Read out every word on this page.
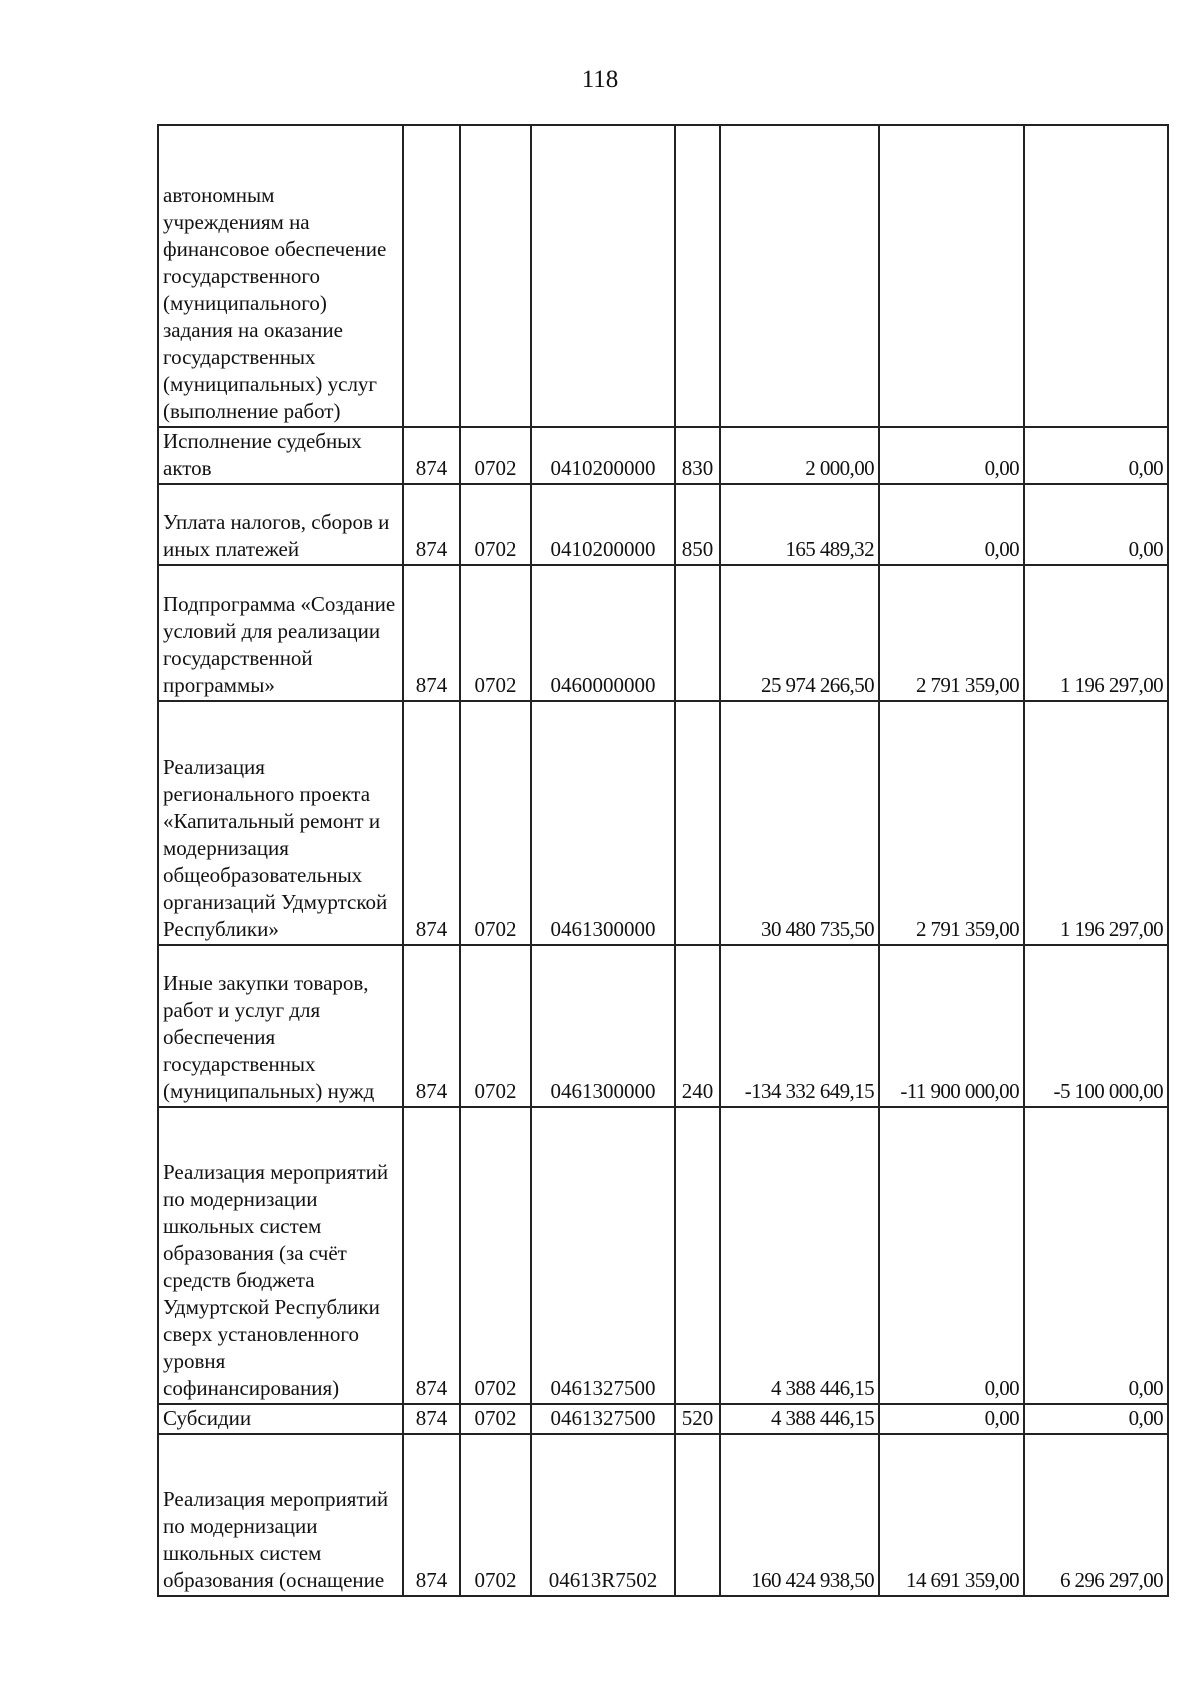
118
автономным учреждениям на финансовое обеспечение государственного (муниципального) задания на оказание государственных (муниципальных) услуг (выполнение работ)							
Исполнение судебных актов	874	0702	0410200000	830	2 000,00	0,00	0,00
Уплата налогов, сборов и иных платежей	874	0702	0410200000	850	165 489,32	0,00	0,00
Подпрограмма «Создание условий для реализации государственной программы»	874	0702	0460000000		25 974 266,50	2 791 359,00	1 196 297,00
Реализация регионального проекта «Капитальный ремонт и модернизация общеобразовательных организаций Удмуртской Республики»	874	0702	0461300000		30 480 735,50	2 791 359,00	1 196 297,00
Иные закупки товаров, работ и услуг для обеспечения государственных (муниципальных) нужд	874	0702	0461300000	240	-134 332 649,15	-11 900 000,00	-5 100 000,00
Реализация мероприятий по модернизации школьных систем образования (за счёт средств бюджета Удмуртской Республики сверх установленного уровня софинансирования)	874	0702	0461327500		4 388 446,15	0,00	0,00
Субсидии	874	0702	0461327500	520	4 388 446,15	0,00	0,00
Реализация мероприятий по модернизации школьных систем образования (оснащение	874	0702	04613R7502		160 424 938,50	14 691 359,00	6 296 297,00
